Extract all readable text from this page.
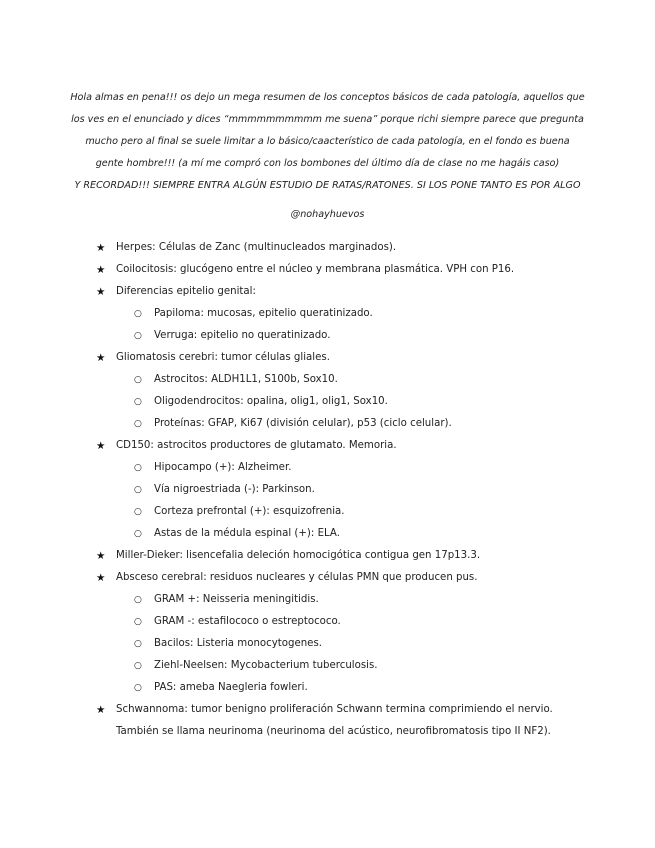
Hola almas en pena!!! os dejo un mega resumen de los conceptos básicos de cada patología, aquellos que

los ves en el enunciado y dices “mmmmmmmmmm me suena” porque richi siempre parece que pregunta

mucho pero al final se suele limitar a lo básico/caacterístico de cada patología, en el fondo es buena

gente hombre!!! (a mí me compró con los bombones del último día de clase no me hagáis caso)

Y RECORDAD!!! SIEMPRE ENTRA ALGÚN ESTUDIO DE RATAS/RATONES. SI LOS PONE TANTO ES POR ALGO

@nohayhuevos

★ Herpes: Células de Zanc (multinucleados marginados).
★ Coilocitosis: glucógeno entre el núcleo y membrana plasmática. VPH con P16.
★ Diferencias epitelio genital:
○ Papiloma: mucosas, epitelio queratinizado.
○ Verruga: epitelio no queratinizado.
★ Gliomatosis cerebri: tumor células gliales.
○ Astrocitos: ALDH1L1, S100b, Sox10.
○ Oligodendrocitos: opalina, olig1, olig1, Sox10.
○ Proteínas: GFAP, Ki67 (división celular), p53 (ciclo celular).
★ CD150: astrocitos productores de glutamato. Memoria.
○ Hipocampo (+): Alzheimer.
○ Vía nigroestriada (-): Parkinson.
○ Corteza prefrontal (+): esquizofrenia.
○ Astas de la médula espinal (+): ELA.
★ Miller-Dieker: lisencefalia deleción homocigótica contigua gen 17p13.3.
★ Absceso cerebral: residuos nucleares y células PMN que producen pus.
○ GRAM +: Neisseria meningitidis.
○ GRAM -: estafilococo o estreptococo.
○ Bacilos: Listeria monocytogenes.
○ Ziehl-Neelsen: Mycobacterium tuberculosis.
○ PAS: ameba Naegleria fowleri.
★ Schwannoma: tumor benigno proliferación Schwann termina comprimiendo el nervio.
También se llama neurinoma (neurinoma del acústico, neurofibromatosis tipo II NF2).
